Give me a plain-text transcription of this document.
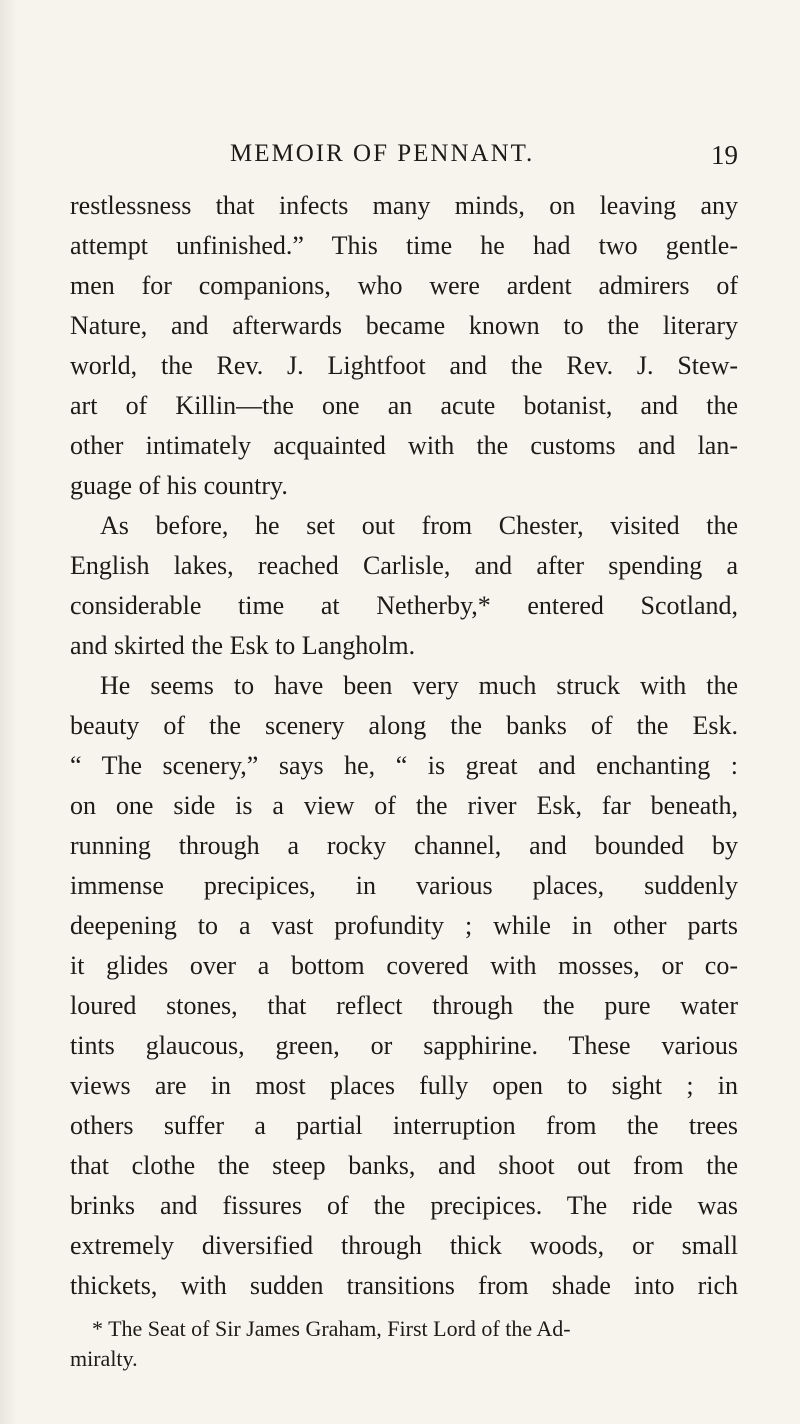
MEMOIR OF PENNANT.	19
restlessness that infects many minds, on leaving any
attempt unfinished.” This time he had two gentle-
men for companions, who were ardent admirers of
Nature, and afterwards became known to the literary
world, the Rev. J. Lightfoot and the Rev. J. Stew-
art of Killin—the one an acute botanist, and the
other intimately acquainted with the customs and lan-
guage of his country.
As before, he set out from Chester, visited the
English lakes, reached Carlisle, and after spending a
considerable time at Netherby,* entered Scotland,
and skirted the Esk to Langholm.
He seems to have been very much struck with the
beauty of the scenery along the banks of the Esk.
“ The scenery,” says he, “ is great and enchanting :
on one side is a view of the river Esk, far beneath,
running through a rocky channel, and bounded by
immense precipices, in various places, suddenly
deepening to a vast profundity ; while in other parts
it glides over a bottom covered with mosses, or co-
loured stones, that reflect through the pure water
tints glaucous, green, or sapphirine. These various
views are in most places fully open to sight ; in
others suffer a partial interruption from the trees
that clothe the steep banks, and shoot out from the
brinks and fissures of the precipices. The ride was
extremely diversified through thick woods, or small
thickets, with sudden transitions from shade into rich
* The Seat of Sir James Graham, First Lord of the Ad-
miralty.
